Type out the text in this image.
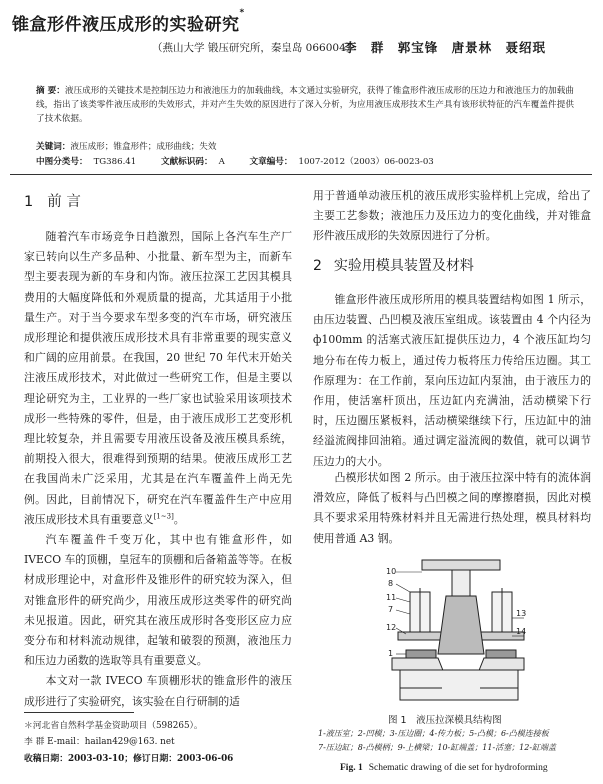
锥盒形件液压成形的实验研究*
（燕山大学 锻压研究所，秦皇岛 066004）
李 群 郭宝锋 唐景林 聂绍珉
摘 要：液压成形的关键技术是控制压边力和液池压力的加载曲线，本文通过实验研究，获得了锥盒形件液压成形的压边力和液池压力的加载曲线，指出了该类零件液压成形的失效形式，并对产生失效的原因进行了深入分析，为应用液压成形技术生产具有该形状特征的汽车覆盖件提供了技术依据。
关键词：液压成形；锥盒形件；成形曲线；失效
中图分类号： TG386.41	文献标识码： A	文章编号： 1007-2012（2003）06-0023-03
1 前 言

随着汽车市场竞争日趋激烈，国际上各汽车生产厂家已转向以生产多品种、小批量、新车型为主，而新车型主要表现为新的车身和内饰。液压拉深工艺因其模具费用的大幅度降低和外观质量的提高，尤其适用于小批量生产。对于当今要求车型多变的汽车市场，研究液压成形理论和提供液压成形技术具有非常重要的现实意义和广阔的应用前景。在我国，20 世纪 70 年代末开始关注液压成形技术，对此做过一些研究工作，但是主要以理论研究为主，工业界的一些厂家也试验采用该项技术成形一些特殊的零件，但是，由于液压成形工艺变形机理比较复杂，并且需要专用液压设备及液压模具系统，前期投入很大，很难得到预期的结果。使液压成形工艺在我国尚未广泛采用，尤其是在汽车覆盖件上尚无先例。因此，目前情况下，研究在汽车覆盖件生产中应用液压成形技术具有重要意义[1~3]。

汽车覆盖件千变万化，其中也有锥盒形件，如 IVECO 车的顶棚，皇冠车的顶棚和后备箱盖等等。在板材成形理论中，对盒形件及锥形件的研究较为深入，但对锥盒形件的研究尚少，用液压成形这类零件的研究尚未见报道。因此，研究其在液压成形时各变形区应力应变分布和材料流动规律，起皱和破裂的预测，液池压力和压边力函数的选取等具有重要意义。

本文对一款 IVECO 车顶棚形状的锥盒形件的液压成形进行了实验研究，该实验在自行研制的适

用于普通单动液压机的液压成形实验样机上完成，给出了主要工艺参数；液池压力及压边力的变化曲线，并对锥盒形件液压成形的失效原因进行了分析。

2 实验用模具装置及材料

锥盒形件液压成形所用的模具装置结构如图 1 所示，由压边装置、凸凹模及液压室组成。该装置由 4 个内径为 ф100mm 的活塞式液压缸提供压边力，4 个液压缸均匀地分布在传力板上，通过传力板将压力传给压边圈。其工作原理为：在工作前，泵向压边缸内泵油，由于液压力的作用，使活塞杆顶出，压边缸内充满油，活动横梁下行时，压边圈压紧板料，活动横梁继续下行，压边缸中的油经溢流阀排回油箱。通过调定溢流阀的数值，就可以调节压边力的大小。

凸模形状如图 2 所示。由于液压拉深中特有的流体润滑效应，降低了板料与凸凹模之间的摩擦磨损，因此对模具不要求采用特殊材料并且无需进行热处理，模具材料均使用普通 A3 钢。

10
8
11
7
12
1
13
14
图 1　液压拉深模具结构图
1-液压室；2-凹模；3-压边圈；4-传力板；5-凸模；6-凸模连接板
7-压边缸；8-凸模柄；9-上横梁；10-缸端盖；11-活塞；12-缸端盖
Fig. 1 Schematic drawing of die set for hydroforming
＊河北省自然科学基金资助项目（598265）。
李 群 E-mail：hailan429@163. net
收稿日期：2003-03-10；修订日期：2003-06-06
